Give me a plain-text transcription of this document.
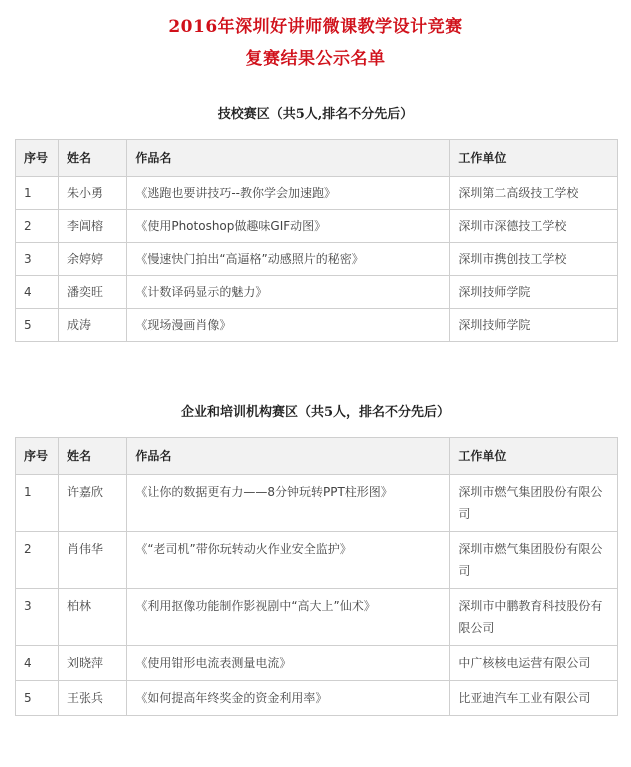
2016年深圳好讲师微课教学设计竞赛
复赛结果公示名单
技校赛区（共5人,排名不分先后）
序号	姓名	作品名	工作单位
1	朱小勇	《逃跑也要讲技巧--教你学会加速跑》	深圳第二高级技工学校
2	李阊榕	《使用Photoshop做趣味GIF动图》	深圳市深德技工学校
3	余婷婷	《慢速快门拍出“高逼格”动感照片的秘密》	深圳市携创技工学校
4	潘奕旺	《计数译码显示的魅力》	深圳技师学院
5	成涛	《现场漫画肖像》	深圳技师学院
企业和培训机构赛区（共5人，排名不分先后）
序号	姓名	作品名	工作单位
1	许嘉欣	《让你的数据更有力——8分钟玩转PPT柱形图》	深圳市燃气集团股份有限公司
2	肖伟华	《“老司机”带你玩转动火作业安全监护》	深圳市燃气集团股份有限公司
3	柏林	《利用抠像功能制作影视剧中“高大上”仙术》	深圳市中鹏教育科技股份有限公司
4	刘晓萍	《使用钳形电流表测量电流》	中广核核电运营有限公司
5	王张兵	《如何提高年终奖金的资金利用率》	比亚迪汽车工业有限公司
